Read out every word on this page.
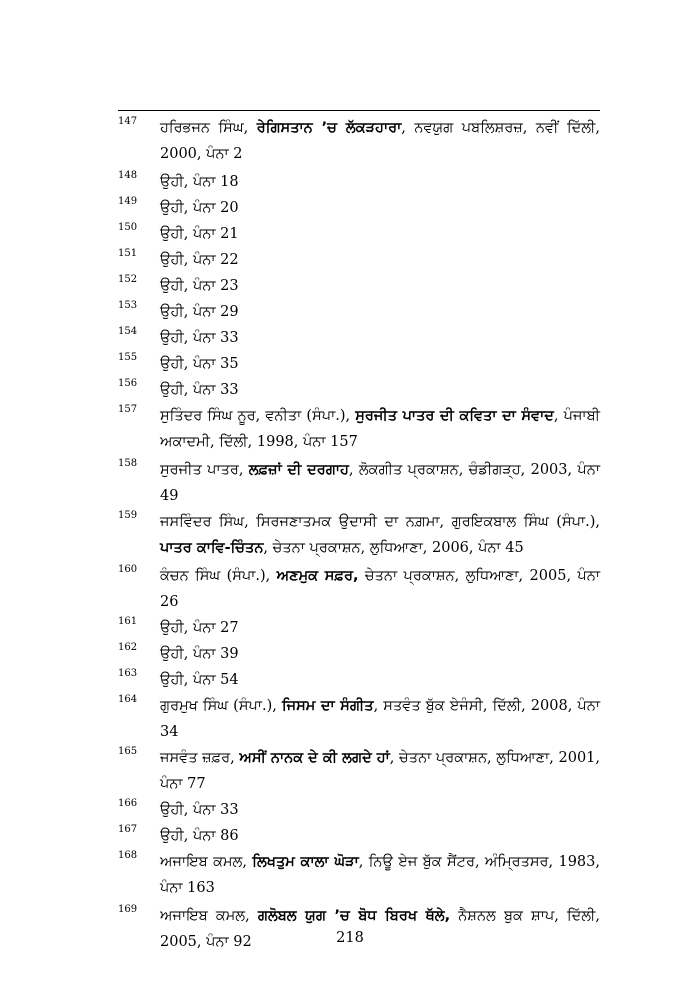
147 ਹਰਿਭਜਨ ਸਿੰਘ, ਰੇਗਿਸਤਾਨ ’ਚ ਲੱਕੜਹਾਰਾ, ਨਵਯੁਗ ਪਬਲਿਸ਼ਰਜ਼, ਨਵੀਂ ਦਿੱਲੀ, 2000, ਪੰਨਾ 2
148 ਉਹੀ, ਪੰਨਾ 18
149 ਉਹੀ, ਪੰਨਾ 20
150 ਉਹੀ, ਪੰਨਾ 21
151 ਉਹੀ, ਪੰਨਾ 22
152 ਉਹੀ, ਪੰਨਾ 23
153 ਉਹੀ, ਪੰਨਾ 29
154 ਉਹੀ, ਪੰਨਾ 33
155 ਉਹੀ, ਪੰਨਾ 35
156 ਉਹੀ, ਪੰਨਾ 33
157 ਸੁਤਿੰਦਰ ਸਿੰਘ ਨੂਰ, ਵਨੀਤਾ (ਸੰਪਾ.), ਸੁਰਜੀਤ ਪਾਤਰ ਦੀ ਕਵਿਤਾ ਦਾ ਸੰਵਾਦ, ਪੰਜਾਬੀ ਅਕਾਦਮੀ, ਦਿੱਲੀ, 1998, ਪੰਨਾ 157
158 ਸੁਰਜੀਤ ਪਾਤਰ, ਲਫ਼ਜ਼ਾਂ ਦੀ ਦਰਗਾਹ, ਲੋਕਗੀਤ ਪ੍ਰਕਾਸ਼ਨ, ਚੰਡੀਗੜ੍ਹ, 2003, ਪੰਨਾ 49
159 ਜਸਵਿੰਦਰ ਸਿੰਘ, ਸਿਰਜਣਾਤਮਕ ਉਦਾਸੀ ਦਾ ਨਗ਼ਮਾ, ਗੁਰਇਕਬਾਲ ਸਿੰਘ (ਸੰਪਾ.), ਪਾਤਰ ਕਾਵਿ-ਚਿੰਤਨ, ਚੇਤਨਾ ਪ੍ਰਕਾਸ਼ਨ, ਲੁਧਿਆਣਾ, 2006, ਪੰਨਾ 45
160 ਕੰਚਨ ਸਿੰਘ (ਸੰਪਾ.), ਅਣਮੁਕ ਸਫ਼ਰ, ਚੇਤਨਾ ਪ੍ਰਕਾਸ਼ਨ, ਲੁਧਿਆਣਾ, 2005, ਪੰਨਾ 26
161 ਉਹੀ, ਪੰਨਾ 27
162 ਉਹੀ, ਪੰਨਾ 39
163 ਉਹੀ, ਪੰਨਾ 54
164 ਗੁਰਮੁਖ ਸਿੰਘ (ਸੰਪਾ.), ਜਿਸਮ ਦਾ ਸੰਗੀਤ, ਸਤਵੰਤ ਬੁੱਕ ਏਜੰਸੀ, ਦਿੱਲੀ, 2008, ਪੰਨਾ 34
165 ਜਸਵੰਤ ਜ਼ਫ਼ਰ, ਅਸੀਂ ਨਾਨਕ ਦੇ ਕੀ ਲਗਦੇ ਹਾਂ, ਚੇਤਨਾ ਪ੍ਰਕਾਸ਼ਨ, ਲੁਧਿਆਣਾ, 2001, ਪੰਨਾ 77
166 ਉਹੀ, ਪੰਨਾ 33
167 ਉਹੀ, ਪੰਨਾ 86
168 ਅਜਾਇਬ ਕਮਲ, ਲਿਖਤੁਮ ਕਾਲਾ ਘੋੜਾ, ਨਿਊ ਏਜ ਬੁੱਕ ਸੈਂਟਰ, ਅੰਮ੍ਰਿਤਸਰ, 1983, ਪੰਨਾ 163
169 ਅਜਾਇਬ ਕਮਲ, ਗਲੋਬਲ ਯੁਗ ’ਚ ਬੋਧ ਬਿਰਖ ਥੱਲੇ, ਨੈਸ਼ਨਲ ਬੁਕ ਸ਼ਾਪ, ਦਿੱਲੀ, 2005, ਪੰਨਾ 92	218
